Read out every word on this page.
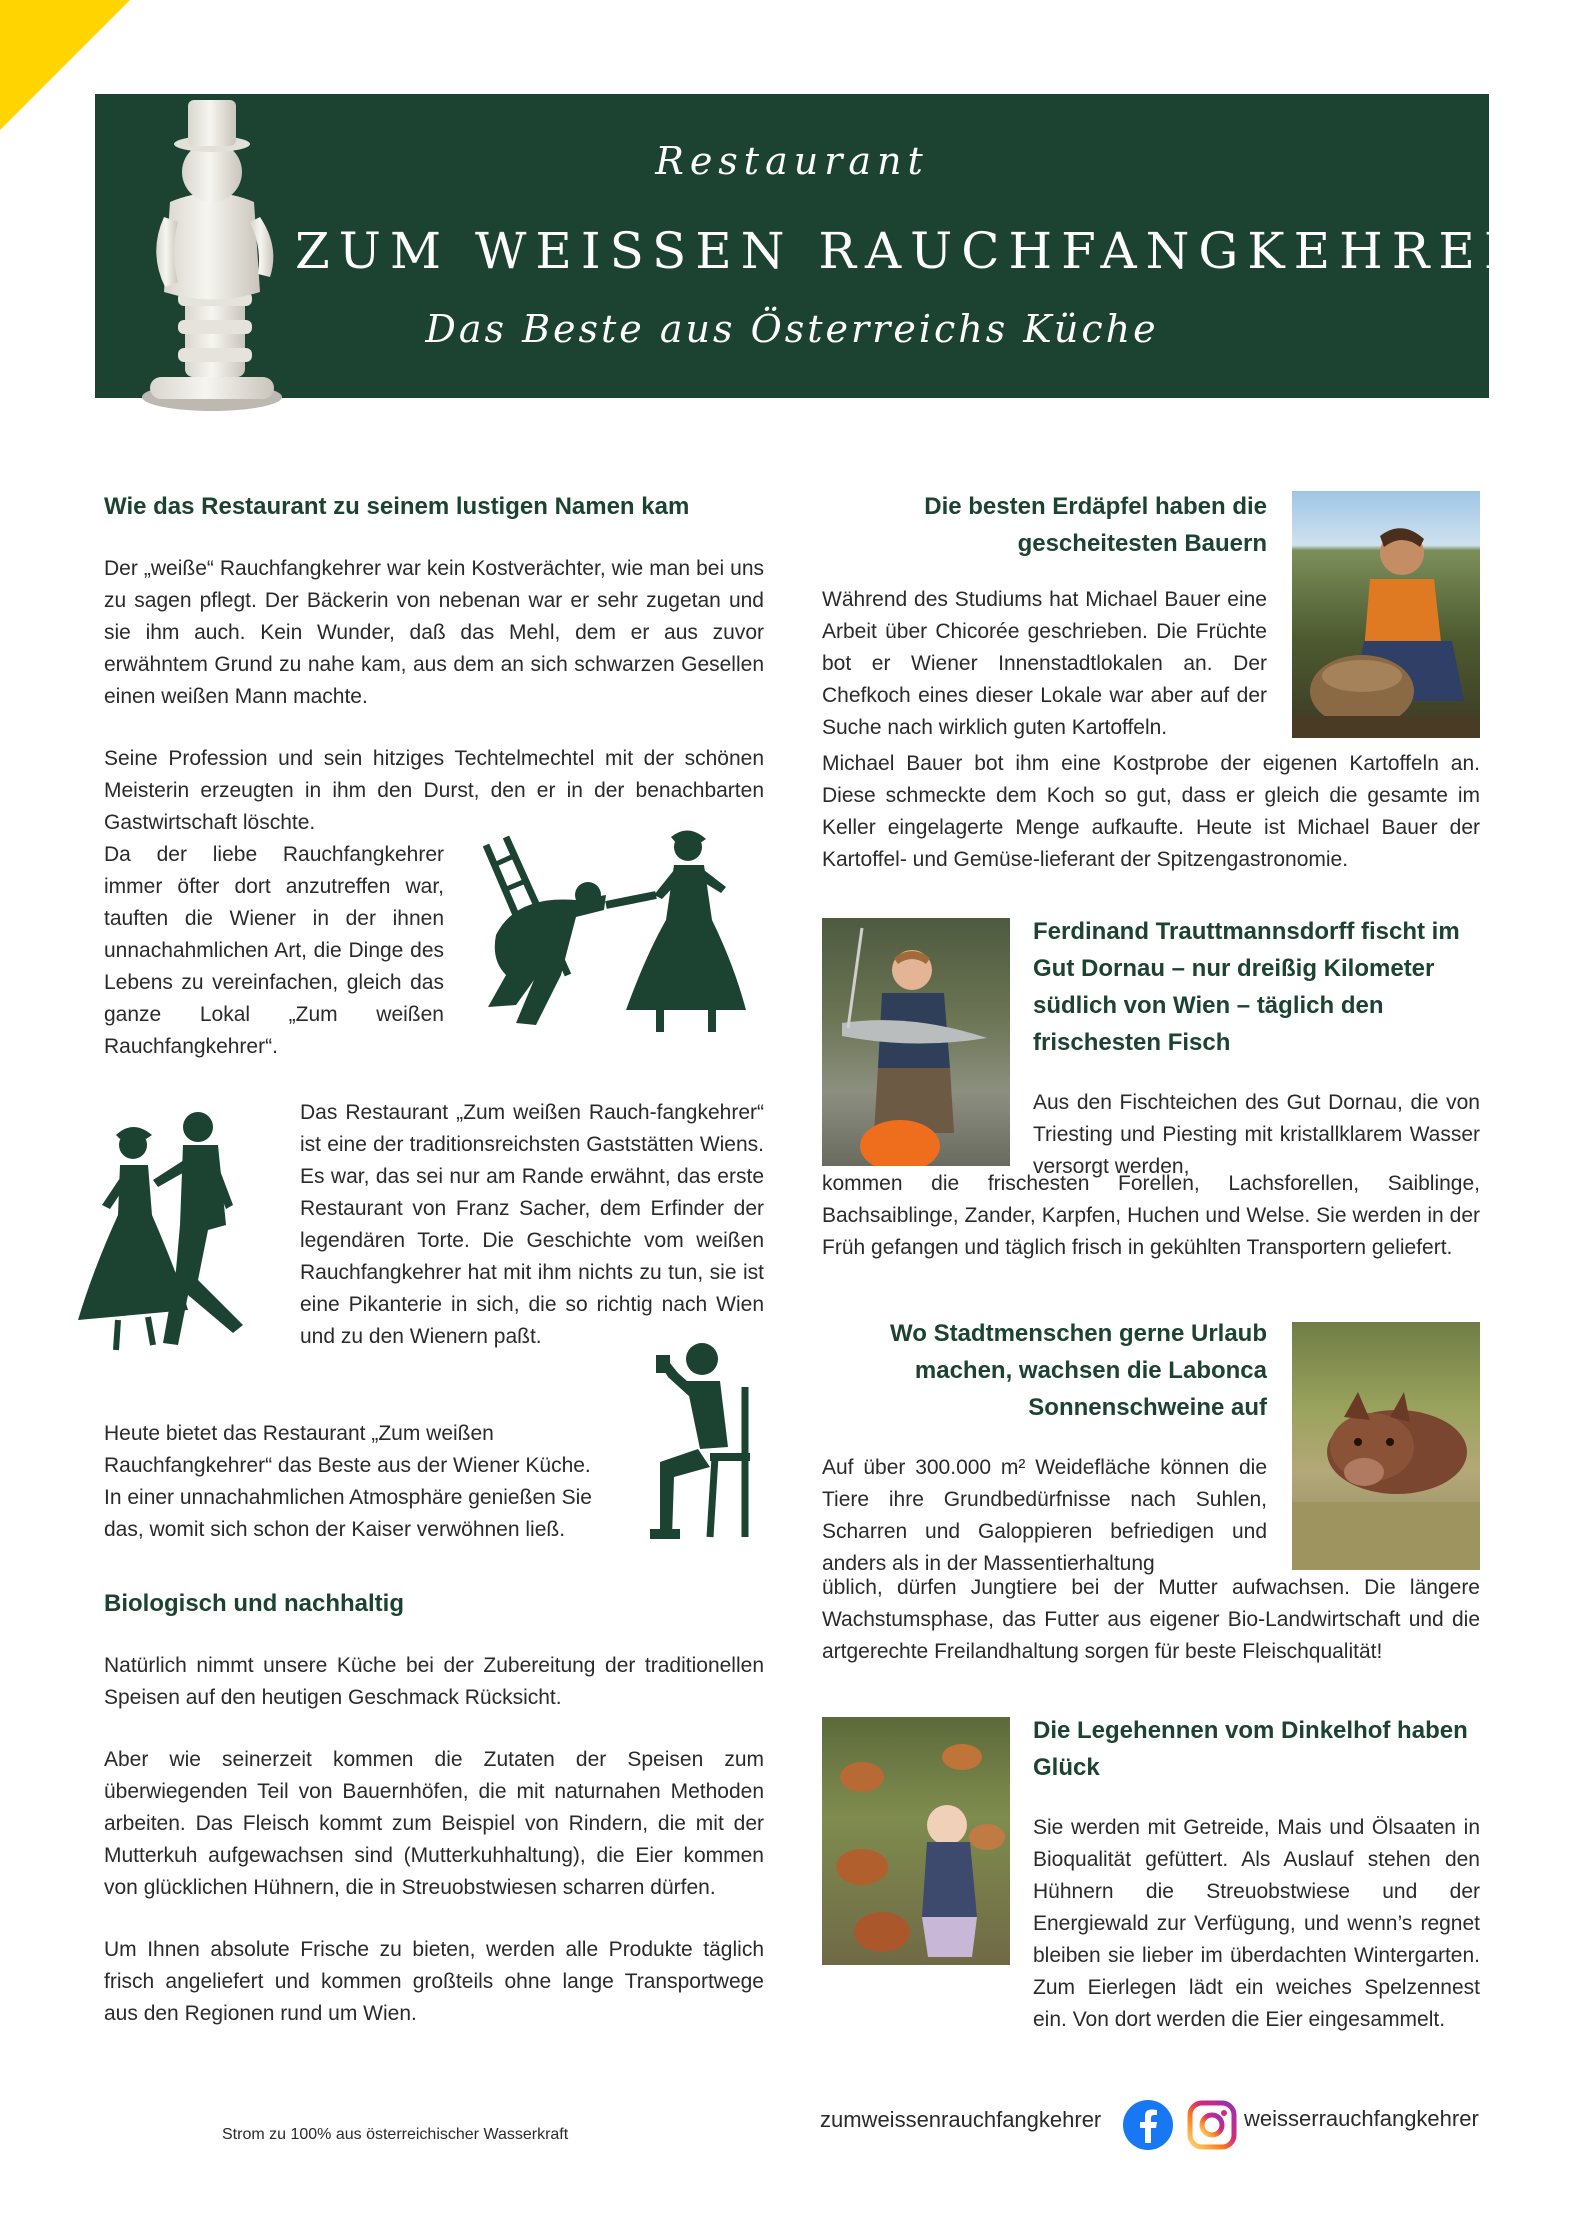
Restaurant
ZUM WEISSEN RAUCHFANGKEHRER
Das Beste aus Österreichs Küche
Wie das Restaurant zu seinem lustigen Namen kam

Der „weiße“ Rauchfangkehrer war kein Kostverächter, wie man bei uns zu sagen pflegt. Der Bäckerin von nebenan war er sehr zugetan und sie ihm auch. Kein Wunder, daß das Mehl, dem er aus zuvor erwähntem Grund zu nahe kam, aus dem an sich schwarzen Gesellen einen weißen Mann machte.

Seine Profession und sein hitziges Techtelmechtel mit der schönen Meisterin erzeugten in ihm den Durst, den er in der benachbarten Gastwirtschaft löschte.

Da der liebe Rauchfangkehrer immer öfter dort anzutreffen war, tauften die Wiener in der ihnen unnachahmlichen Art, die Dinge des Lebens zu vereinfachen, gleich das ganze Lokal „Zum weißen Rauchfangkehrer“.

Das Restaurant „Zum weißen Rauch-fangkehrer“ ist eine der traditionsreichsten Gaststätten Wiens. Es war, das sei nur am Rande erwähnt, das erste Restaurant von Franz Sacher, dem Erfinder der legendären Torte. Die Geschichte vom weißen Rauchfangkehrer hat mit ihm nichts zu tun, sie ist eine Pikanterie in sich, die so richtig nach Wien und zu den Wienern paßt.

Heute bietet das Restaurant „Zum weißen Rauchfangkehrer“ das Beste aus der Wiener Küche. In einer unnachahmlichen Atmosphäre genießen Sie das, womit sich schon der Kaiser verwöhnen ließ.

Biologisch und nachhaltig

Natürlich nimmt unsere Küche bei der Zubereitung der traditionellen Speisen auf den heutigen Geschmack Rücksicht.

Aber wie seinerzeit kommen die Zutaten der Speisen zum überwiegenden Teil von Bauernhöfen, die mit naturnahen Methoden arbeiten. Das Fleisch kommt zum Beispiel von Rindern, die mit der Mutterkuh aufgewachsen sind (Mutterkuhhaltung), die Eier kommen von glücklichen Hühnern, die in Streuobstwiesen scharren dürfen.

Um Ihnen absolute Frische zu bieten, werden alle Produkte täglich frisch angeliefert und kommen großteils ohne lange Transportwege aus den Regionen rund um Wien.

Die besten Erdäpfel haben die gescheitesten Bauern

Während des Studiums hat Michael Bauer eine Arbeit über Chicorée geschrieben. Die Früchte bot er Wiener Innenstadtlokalen an. Der Chefkoch eines dieser Lokale war aber auf der Suche nach wirklich guten Kartoffeln.

Michael Bauer bot ihm eine Kostprobe der eigenen Kartoffeln an. Diese schmeckte dem Koch so gut, dass er gleich die gesamte im Keller eingelagerte Menge aufkaufte. Heute ist Michael Bauer der Kartoffel- und Gemüse-lieferant der Spitzengastronomie.

Ferdinand Trauttmannsdorff fischt im Gut Dornau – nur dreißig Kilometer südlich von Wien – täglich den frischesten Fisch

Aus den Fischteichen des Gut Dornau, die von Triesting und Piesting mit kristallklarem Wasser versorgt werden,

kommen die frischesten Forellen, Lachsforellen, Saiblinge, Bachsaiblinge, Zander, Karpfen, Huchen und Welse. Sie werden in der Früh gefangen und täglich frisch in gekühlten Transportern geliefert.

Wo Stadtmenschen gerne Urlaub machen, wachsen die Labonca Sonnenschweine auf

Auf über 300.000 m² Weidefläche können die Tiere ihre Grundbedürfnisse nach Suhlen, Scharren und Galoppieren befriedigen und anders als in der Massentierhaltung

üblich, dürfen Jungtiere bei der Mutter aufwachsen. Die längere Wachstumsphase, das Futter aus eigener Bio-Landwirtschaft und die artgerechte Freilandhaltung sorgen für beste Fleischqualität!

Die Legehennen vom Dinkelhof haben Glück

Sie werden mit Getreide, Mais und Ölsaaten in Bioqualität gefüttert. Als Auslauf stehen den Hühnern die Streuobstwiese und der Energiewald zur Verfügung, und wenn’s regnet bleiben sie lieber im überdachten Wintergarten. Zum Eierlegen lädt ein weiches Spelzennest ein. Von dort werden die Eier eingesammelt.

Strom zu 100% aus österreichischer Wasserkraft
zumweissenrauchfangkehrer	weisserrauchfangkehrer
